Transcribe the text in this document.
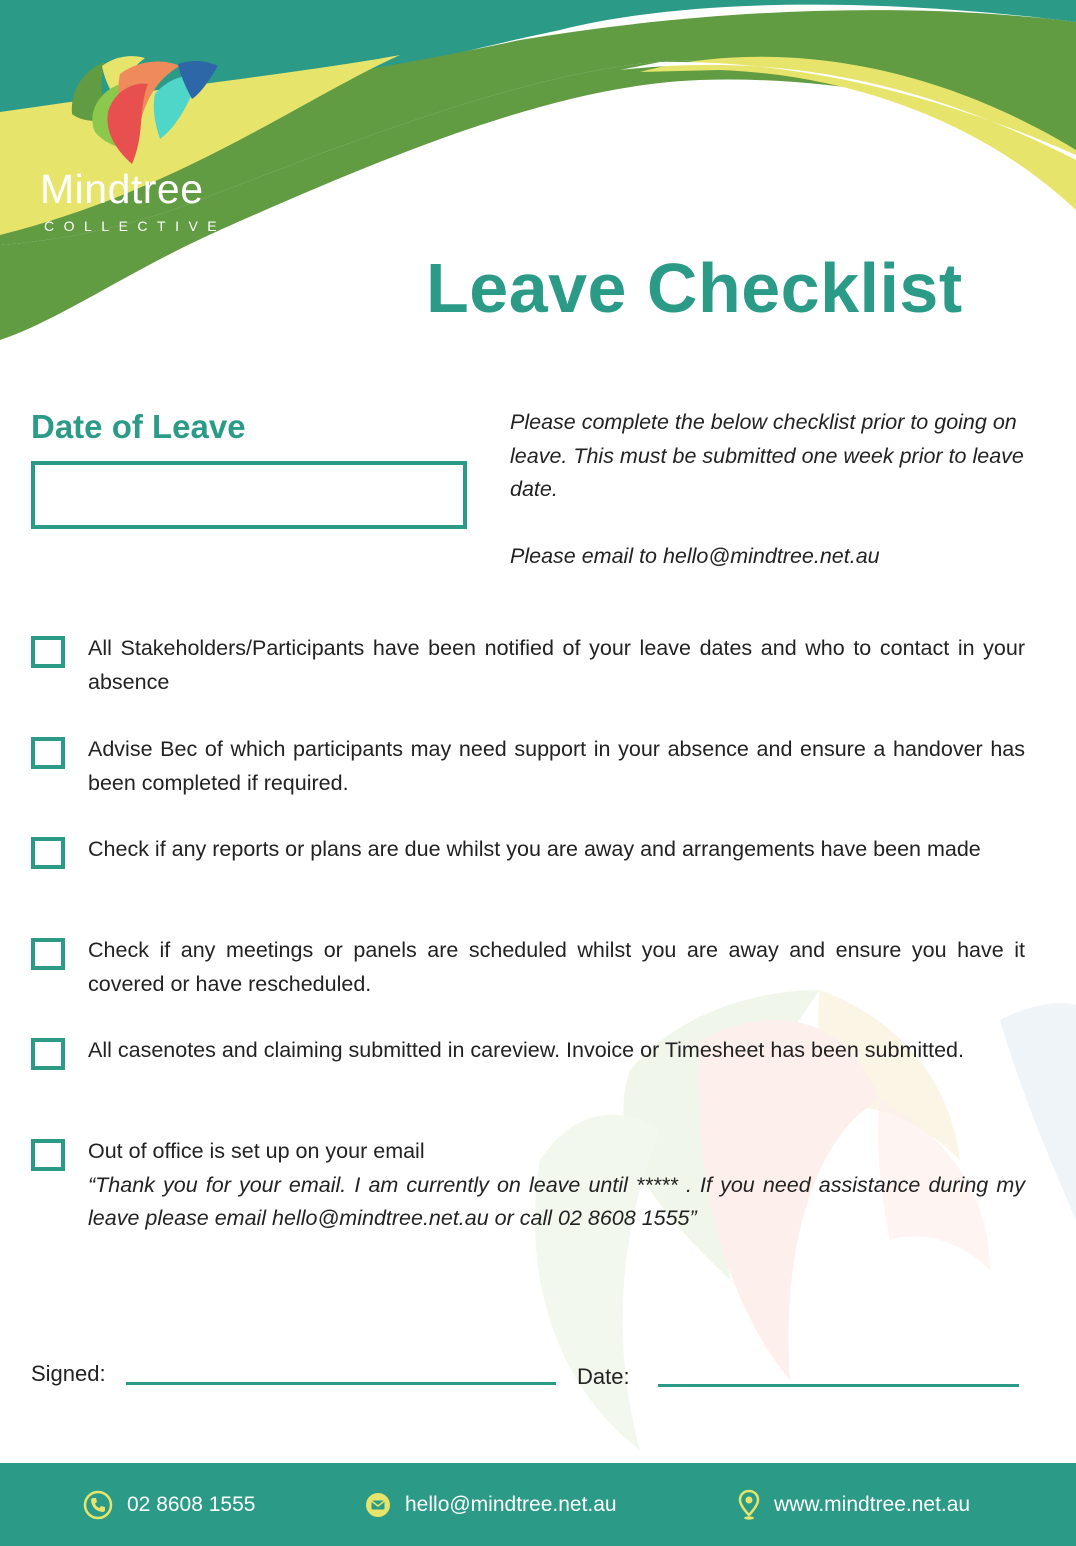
Mindtree
COLLECTIVE
Leave Checklist
Date of Leave	Please complete the below checklist prior to going on leave. This must be submitted one week prior to leave date.

Please email to hello@mindtree.net.au

All Stakeholders/Participants have been notified of your leave dates and who to contact in your absence
Advise Bec of which participants may need support in your absence and ensure a handover has been completed if required.
Check if any reports or plans are due whilst you are away and arrangements have been made
Check if any meetings or panels are scheduled whilst you are away and ensure you have it covered or have rescheduled.
All casenotes and claiming submitted in careview. Invoice or Timesheet has been submitted.
Out of office is set up on your email
“Thank you for your email. I am currently on leave until ***** . If you need assistance during my leave please email hello@mindtree.net.au or call 02 8608 1555”
Signed:	Date:
02 8608 1555	hello@mindtree.net.au	www.mindtree.net.au
